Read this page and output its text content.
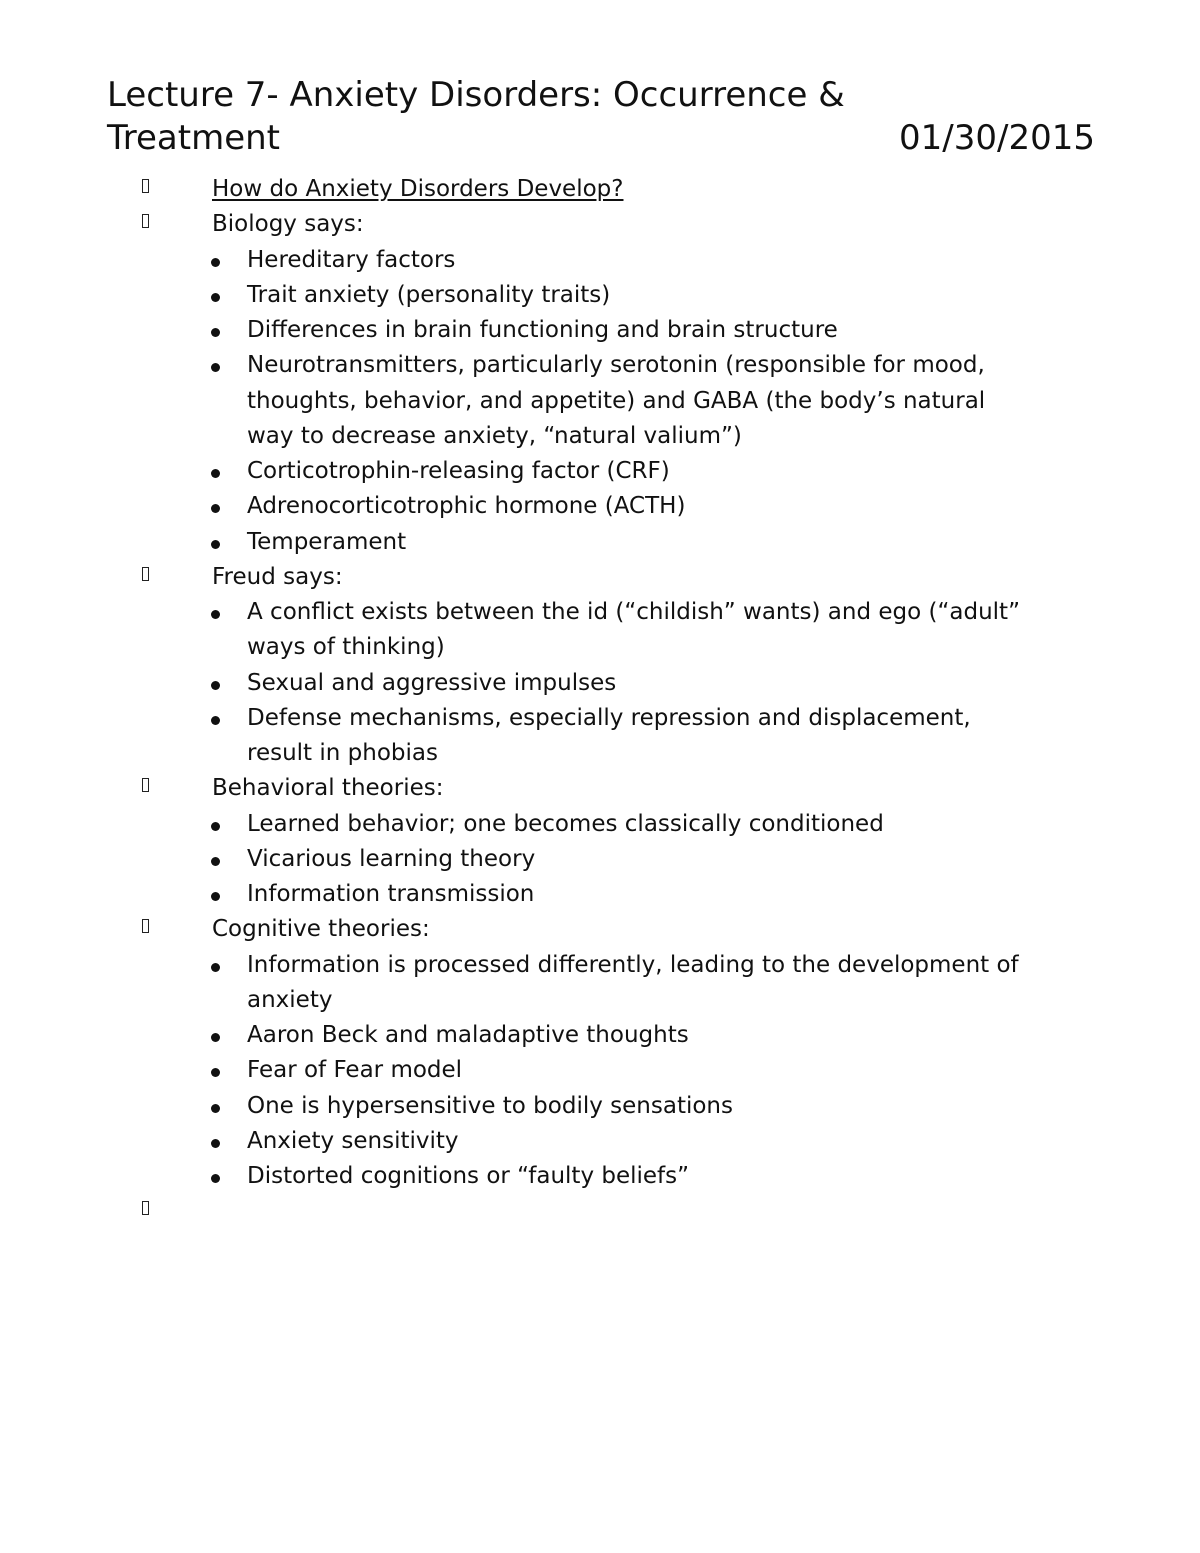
Lecture 7- Anxiety Disorders: Occurrence &
Treatment	01/30/2015
How do Anxiety Disorders Develop?
Biology says:
Hereditary factors
Trait anxiety (personality traits)
Differences in brain functioning and brain structure
Neurotransmitters, particularly serotonin (responsible for mood,
thoughts, behavior, and appetite) and GABA (the body’s natural
way to decrease anxiety, “natural valium”)
Corticotrophin-releasing factor (CRF)
Adrenocorticotrophic hormone (ACTH)
Temperament
Freud says:
A conflict exists between the id (“childish” wants) and ego (“adult”
ways of thinking)
Sexual and aggressive impulses
Defense mechanisms, especially repression and displacement,
result in phobias
Behavioral theories:
Learned behavior; one becomes classically conditioned
Vicarious learning theory
Information transmission
Cognitive theories:
Information is processed differently, leading to the development of
anxiety
Aaron Beck and maladaptive thoughts
Fear of Fear model
One is hypersensitive to bodily sensations
Anxiety sensitivity
Distorted cognitions or “faulty beliefs”
